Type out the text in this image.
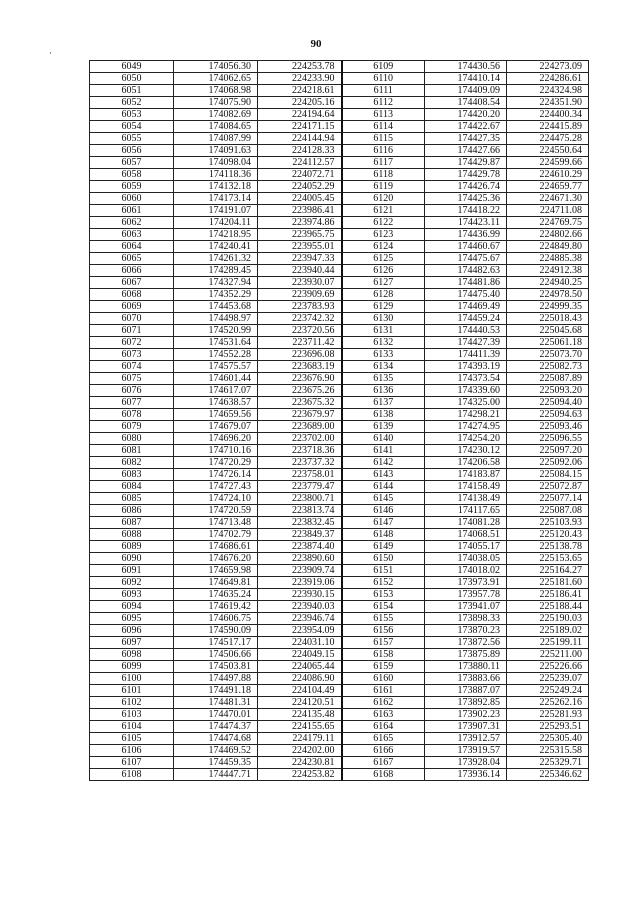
90
·
6049	174056.30	224253.78	6109	174430.56	224273.09
6050	174062.65	224233.90	6110	174410.14	224286.61
6051	174068.98	224218.61	6111	174409.09	224324.98
6052	174075.90	224205.16	6112	174408.54	224351.90
6053	174082.69	224194.64	6113	174420.20	224400.34
6054	174084.65	224171.15	6114	174422.67	224415.89
6055	174087.99	224144.94	6115	174427.35	224475.28
6056	174091.63	224128.33	6116	174427.66	224550.64
6057	174098.04	224112.57	6117	174429.87	224599.66
6058	174118.36	224072.71	6118	174429.78	224610.29
6059	174132.18	224052.29	6119	174426.74	224659.77
6060	174173.14	224005.45	6120	174425.36	224671.30
6061	174191.07	223986.41	6121	174418.22	224711.08
6062	174204.11	223974.86	6122	174423.11	224769.75
6063	174218.95	223965.75	6123	174436.99	224802.66
6064	174240.41	223955.01	6124	174460.67	224849.80
6065	174261.32	223947.33	6125	174475.67	224885.38
6066	174289.45	223940.44	6126	174482.63	224912.38
6067	174327.94	223930.07	6127	174481.86	224940.25
6068	174352.29	223909.69	6128	174475.40	224978.50
6069	174453.68	223783.93	6129	174469.49	224999.35
6070	174498.97	223742.32	6130	174459.24	225018.43
6071	174520.99	223720.56	6131	174440.53	225045.68
6072	174531.64	223711.42	6132	174427.39	225061.18
6073	174552.28	223696.08	6133	174411.39	225073.70
6074	174575.57	223683.19	6134	174393.19	225082.73
6075	174601.44	223676.90	6135	174373.54	225087.89
6076	174617.07	223675.26	6136	174339.60	225093.20
6077	174638.57	223675.32	6137	174325.00	225094.40
6078	174659.56	223679.97	6138	174298.21	225094.63
6079	174679.07	223689.00	6139	174274.95	225093.46
6080	174696.20	223702.00	6140	174254.20	225096.55
6081	174710.16	223718.36	6141	174230.12	225097.20
6082	174720.29	223737.32	6142	174206.58	225092.06
6083	174726.14	223758.01	6143	174183.87	225084.15
6084	174727.43	223779.47	6144	174158.49	225072.87
6085	174724.10	223800.71	6145	174138.49	225077.14
6086	174720.59	223813.74	6146	174117.65	225087.08
6087	174713.48	223832.45	6147	174081.28	225103.93
6088	174702.79	223849.37	6148	174068.51	225120.43
6089	174686.61	223874.40	6149	174055.17	225138.78
6090	174676.20	223890.60	6150	174038.05	225153.65
6091	174659.98	223909.74	6151	174018.02	225164.27
6092	174649.81	223919.06	6152	173973.91	225181.60
6093	174635.24	223930.15	6153	173957.78	225186.41
6094	174619.42	223940.03	6154	173941.07	225188.44
6095	174606.75	223946.74	6155	173898.33	225190.03
6096	174590.09	223954.09	6156	173870.23	225189.02
6097	174517.17	224031.10	6157	173872.56	225199.11
6098	174506.66	224049.15	6158	173875.89	225211.00
6099	174503.81	224065.44	6159	173880.11	225226.66
6100	174497.88	224086.90	6160	173883.66	225239.07
6101	174491.18	224104.49	6161	173887.07	225249.24
6102	174481.31	224120.51	6162	173892.85	225262.16
6103	174470.01	224135.48	6163	173902.23	225281.93
6104	174474.37	224155.65	6164	173907.31	225293.51
6105	174474.68	224179.11	6165	173912.57	225305.40
6106	174469.52	224202.00	6166	173919.57	225315.58
6107	174459.35	224230.81	6167	173928.04	225329.71
6108	174447.71	224253.82	6168	173936.14	225346.62
